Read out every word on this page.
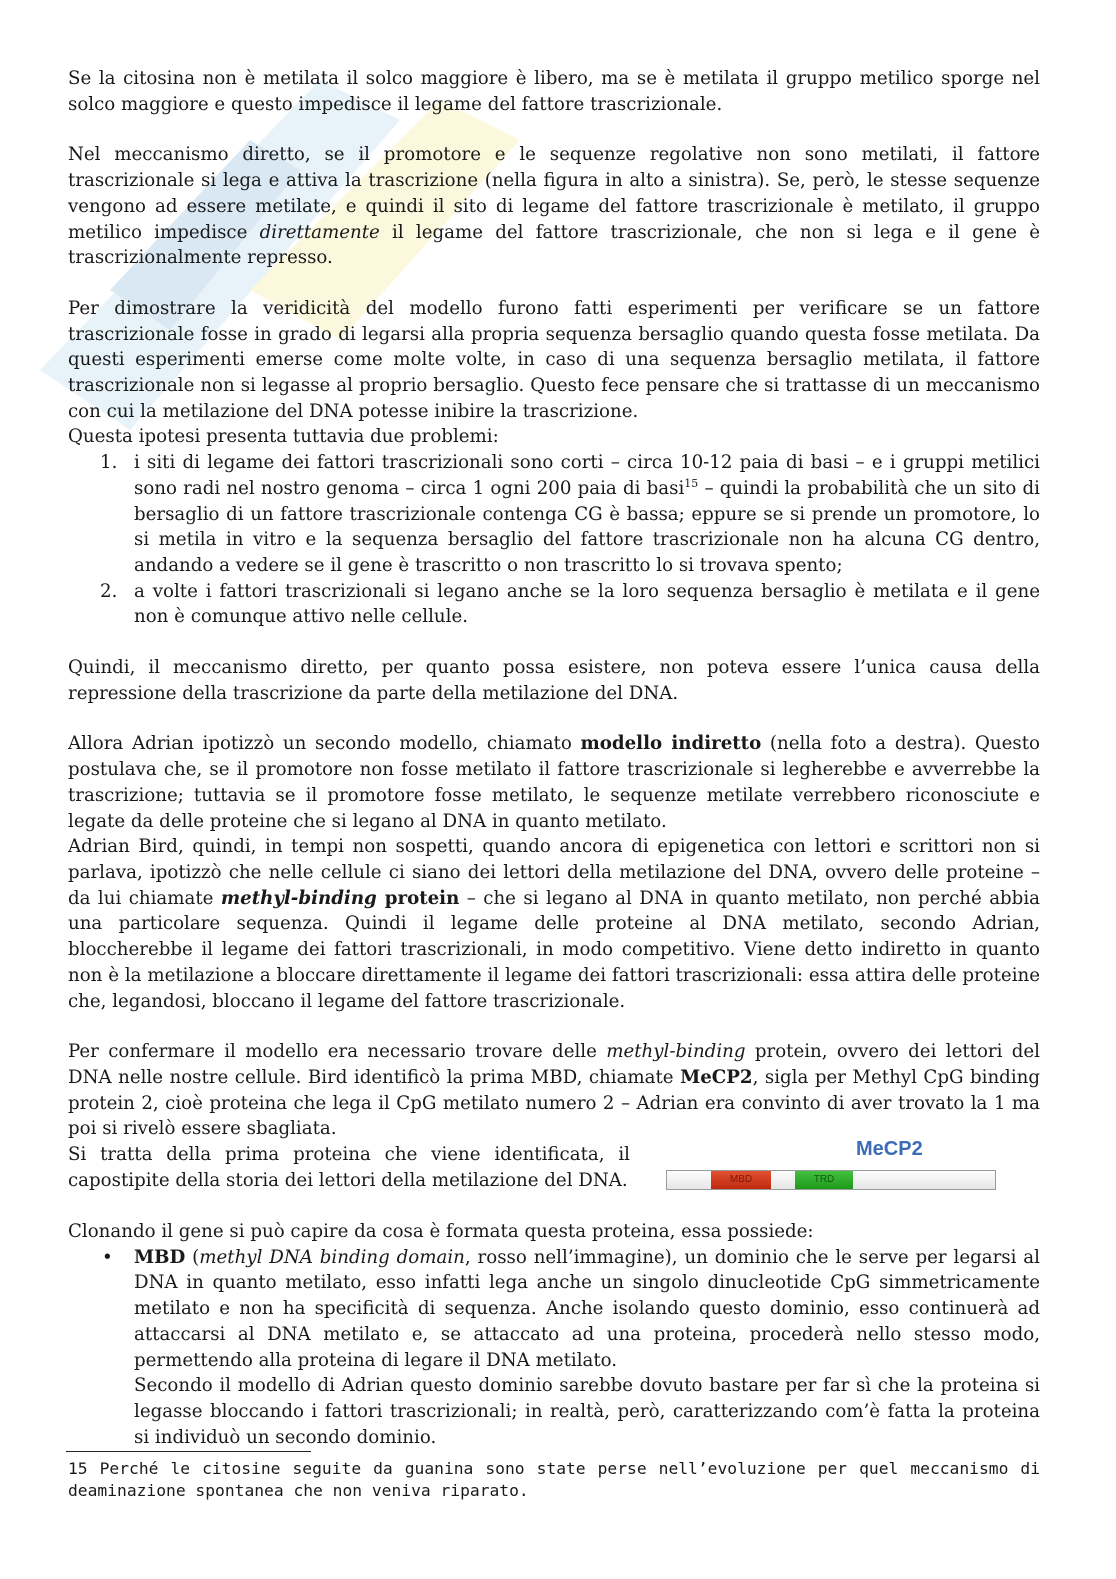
Se la citosina non è metilata il solco maggiore è libero, ma se è metilata il gruppo metilico sporge nel solco maggiore e questo impedisce il legame del fattore trascrizionale.

Nel meccanismo diretto, se il promotore e le sequenze regolative non sono metilati, il fattore trascrizionale si lega e attiva la trascrizione (nella figura in alto a sinistra). Se, però, le stesse sequenze vengono ad essere metilate, e quindi il sito di legame del fattore trascrizionale è metilato, il gruppo metilico impedisce direttamente il legame del fattore trascrizionale, che non si lega e il gene è trascrizionalmente represso.

Per dimostrare la veridicità del modello furono fatti esperimenti per verificare se un fattore trascrizionale fosse in grado di legarsi alla propria sequenza bersaglio quando questa fosse metilata. Da questi esperimenti emerse come molte volte, in caso di una sequenza bersaglio metilata, il fattore trascrizionale non si legasse al proprio bersaglio. Questo fece pensare che si trattasse di un meccanismo con cui la metilazione del DNA potesse inibire la trascrizione.

Questa ipotesi presenta tuttavia due problemi:

1. i siti di legame dei fattori trascrizionali sono corti – circa 10-12 paia di basi – e i gruppi metilici sono radi nel nostro genoma – circa 1 ogni 200 paia di basi$^{15}$ – quindi la probabilità che un sito di bersaglio di un fattore trascrizionale contenga CG è bassa; eppure se si prende un promotore, lo si metila in vitro e la sequenza bersaglio del fattore trascrizionale non ha alcuna CG dentro, andando a vedere se il gene è trascritto o non trascritto lo si trovava spento;
2. a volte i fattori trascrizionali si legano anche se la loro sequenza bersaglio è metilata e il gene non è comunque attivo nelle cellule.

Quindi, il meccanismo diretto, per quanto possa esistere, non poteva essere l’unica causa della repressione della trascrizione da parte della metilazione del DNA.

Allora Adrian ipotizzò un secondo modello, chiamato modello indiretto (nella foto a destra). Questo postulava che, se il promotore non fosse metilato il fattore trascrizionale si legherebbe e avverrebbe la trascrizione; tuttavia se il promotore fosse metilato, le sequenze metilate verrebbero riconosciute e legate da delle proteine che si legano al DNA in quanto metilato.

Adrian Bird, quindi, in tempi non sospetti, quando ancora di epigenetica con lettori e scrittori non si parlava, ipotizzò che nelle cellule ci siano dei lettori della metilazione del DNA, ovvero delle proteine – da lui chiamate methyl-binding protein – che si legano al DNA in quanto metilato, non perché abbia una particolare sequenza. Quindi il legame delle proteine al DNA metilato, secondo Adrian, bloccherebbe il legame dei fattori trascrizionali, in modo competitivo. Viene detto indiretto in quanto non è la metilazione a bloccare direttamente il legame dei fattori trascrizionali: essa attira delle proteine che, legandosi, bloccano il legame del fattore trascrizionale.

Per confermare il modello era necessario trovare delle methyl-binding protein, ovvero dei lettori del DNA nelle nostre cellule. Bird identificò la prima MBD, chiamate MeCP2, sigla per Methyl CpG binding protein 2, cioè proteina che lega il CpG metilato numero 2 – Adrian era convinto di aver trovato la 1 ma poi si rivelò essere sbagliata.

Si tratta della prima proteina che viene identificata, il capostipite della storia dei lettori della metilazione del DNA.

MeCP2
MBD	TRD

Clonando il gene si può capire da cosa è formata questa proteina, essa possiede:

• MBD (methyl DNA binding domain, rosso nell’immagine), un dominio che le serve per legarsi al DNA in quanto metilato, esso infatti lega anche un singolo dinucleotide CpG simmetricamente metilato e non ha specificità di sequenza. Anche isolando questo dominio, esso continuerà ad attaccarsi al DNA metilato e, se attaccato ad una proteina, procederà nello stesso modo, permettendo alla proteina di legare il DNA metilato.
Secondo il modello di Adrian questo dominio sarebbe dovuto bastare per far sì che la proteina si legasse bloccando i fattori trascrizionali; in realtà, però, caratterizzando com’è fatta la proteina si individuò un secondo dominio.
15 Perché le citosine seguite da guanina sono state perse nell’evoluzione per quel meccanismo di deaminazione spontanea che non veniva riparato.
